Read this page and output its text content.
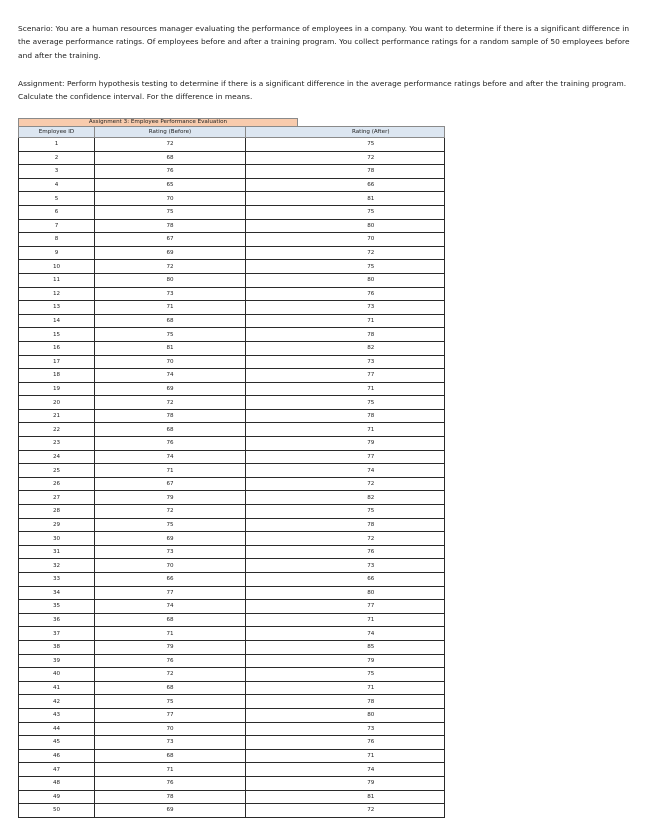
Scenario: You are a human resources manager evaluating the performance of employees in a company. You want to determine if there is a significant difference in the average performance ratings. Of employees before and after a training program. You collect performance ratings for a random sample of 50 employees before and after the training.

Assignment: Perform hypothesis testing to determine if there is a significant difference in the average performance ratings before and after the training program. Calculate the confidence interval. For the difference in means.

Assignment 3: Employee Performance Evaluation			
Employee ID	Rating (Before)		Rating (After)
1	72		75
2	68		72
3	76		78
4	65		66
5	70		81
6	75		75
7	78		80
8	67		70
9	69		72
10	72		75
11	80		80
12	73		76
13	71		73
14	68		71
15	75		78
16	81		82
17	70		73
18	74		77
19	69		71
20	72		75
21	78		78
22	68		71
23	76		79
24	74		77
25	71		74
26	67		72
27	79		82
28	72		75
29	75		78
30	69		72
31	73		76
32	70		73
33	66		66
34	77		80
35	74		77
36	68		71
37	71		74
38	79		85
39	76		79
40	72		75
41	68		71
42	75		78
43	77		80
44	70		73
45	73		76
46	68		71
47	71		74
48	76		79
49	78		81
50	69		72
